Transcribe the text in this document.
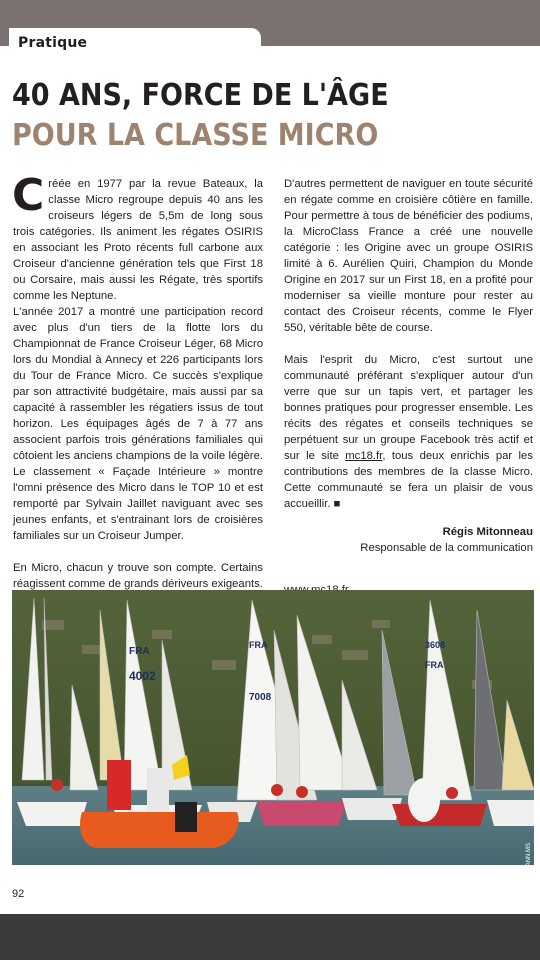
Pratique
40 ANS, FORCE DE L'ÂGE
POUR LA CLASSE MICRO

Créée en 1977 par la revue Bateaux, la classe Micro regroupe depuis 40 ans les croiseurs légers de 5,5m de long sous trois catégories. Ils animent les régates OSIRIS en associant les Proto récents full carbone aux Croiseur d'ancienne génération tels que First 18 ou Corsaire, mais aussi les Régate, très sportifs comme les Neptune.

L'année 2017 a montré une participation record avec plus d'un tiers de la flotte lors du Championnat de France Croiseur Léger, 68 Micro lors du Mondial à Annecy et 226 participants lors du Tour de France Micro. Ce succès s'explique par son attractivité budgétaire, mais aussi par sa capacité à rassembler les régatiers issus de tout horizon. Les équipages âgés de 7 à 77 ans associent parfois trois générations familiales qui côtoient les anciens champions de la voile légère. Le classement « Façade Intérieure » montre l'omni présence des Micro dans le TOP 10 et est remporté par Sylvain Jaillet naviguant avec ses jeunes enfants, et s'entrainant lors de croisières familiales sur un Croiseur Jumper.

En Micro, chacun y trouve son compte. Certains réagissent comme de grands dériveurs exigeants.

D'autres permettent de naviguer en toute sécurité en régate comme en croisière côtière en famille. Pour permettre à tous de bénéficier des podiums, la MicroClass France a créé une nouvelle catégorie : les Origine avec un groupe OSIRIS limité à 6. Aurélien Quiri, Champion du Monde Origine en 2017 sur un First 18, en a profité pour moderniser sa vieille monture pour rester au contact des Croiseur récents, comme le Flyer 550, véritable bête de course.

Mais l'esprit du Micro, c'est surtout une communauté préférant s'expliquer autour d'un verre que sur un tapis vert, et partager les bonnes pratiques pour progresser ensemble. Les récits des régates et conseils techniques se perpétuent sur un groupe Facebook très actif et sur le site mc18.fr, tous deux enrichis par les contributions des membres de la classe Micro. Cette communauté se fera un plaisir de vous accueillir. ■

Régis Mitonneau
Responsable de la communication

FRA
4002
FRA	3608
FRA
7008
© WIRMANN.MS
92
